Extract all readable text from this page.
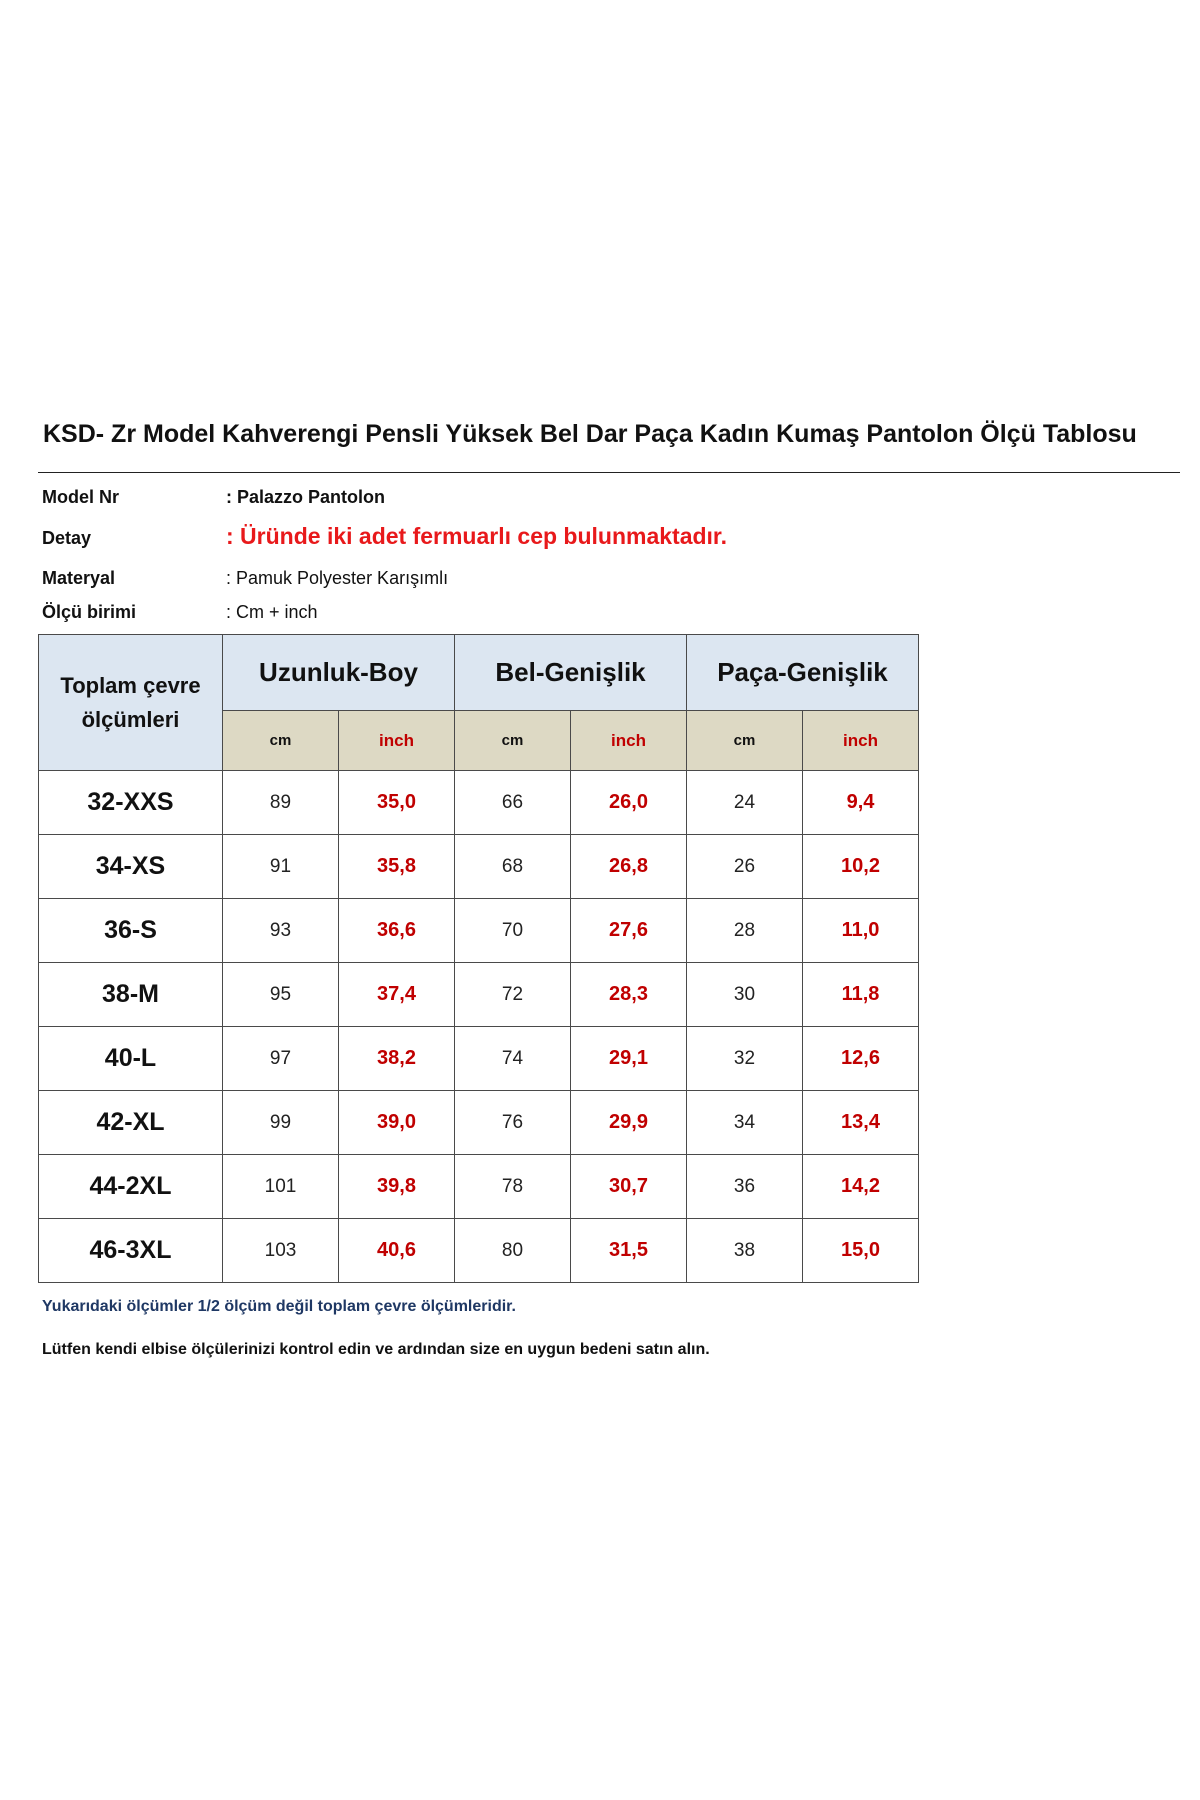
KSD- Zr Model Kahverengi Pensli Yüksek Bel Dar Paça Kadın Kumaş Pantolon Ölçü Tablosu
Model Nr	: Palazzo Pantolon
Detay	: Üründe iki adet fermuarlı cep bulunmaktadır.
Materyal	: Pamuk Polyester Karışımlı
Ölçü birimi	: Cm + inch
Toplam çevre
ölçümleri	Uzunluk-Boy		Bel-Genişlik		Paça-Genişlik	
	cm	inch	cm	inch	cm	inch
32-XXS	89	35,0	66	26,0	24	9,4
34-XS	91	35,8	68	26,8	26	10,2
36-S	93	36,6	70	27,6	28	11,0
38-M	95	37,4	72	28,3	30	11,8
40-L	97	38,2	74	29,1	32	12,6
42-XL	99	39,0	76	29,9	34	13,4
44-2XL	101	39,8	78	30,7	36	14,2
46-3XL	103	40,6	80	31,5	38	15,0
Yukarıdaki ölçümler 1/2 ölçüm değil toplam çevre ölçümleridir.
Lütfen kendi elbise ölçülerinizi kontrol edin ve ardından size en uygun bedeni satın alın.
